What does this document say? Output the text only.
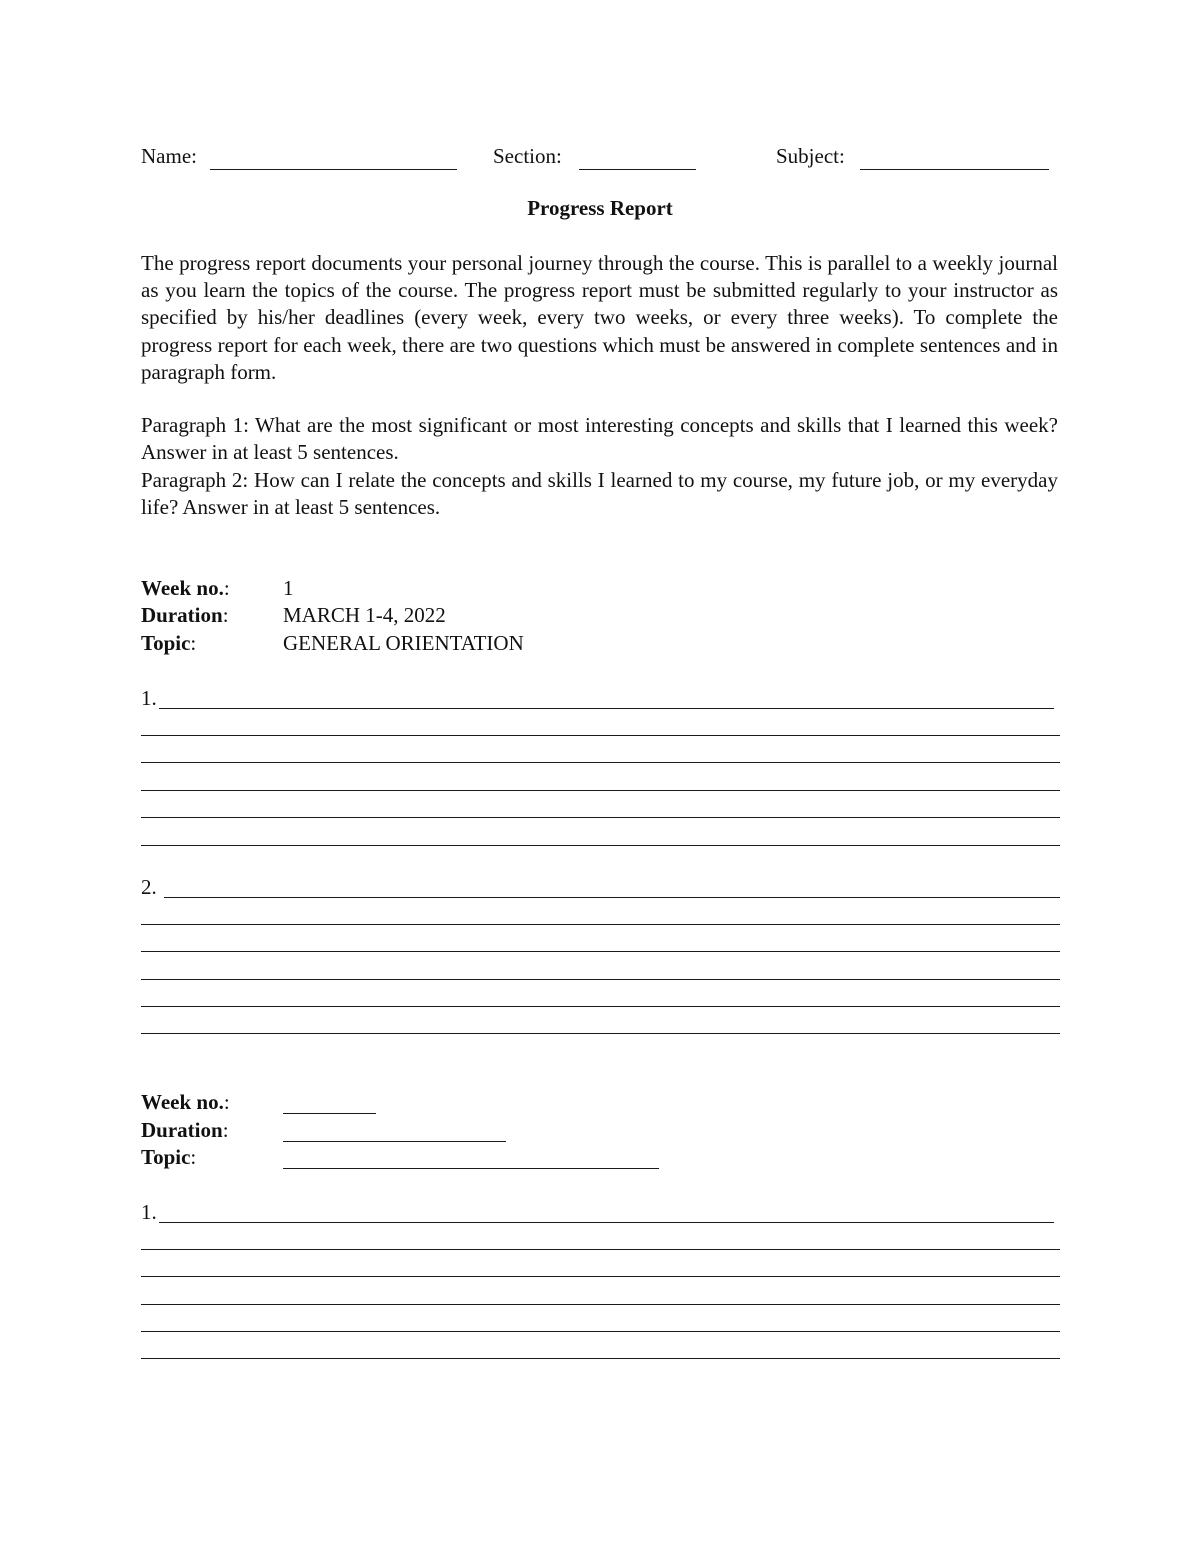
Name:	Section:	Subject:
Progress Report

The progress report documents your personal journey through the course. This is parallel to a weekly journal as you learn the topics of the course. The progress report must be submitted regularly to your instructor as specified by his/her deadlines (every week, every two weeks, or every three weeks). To complete the progress report for each week, there are two questions which must be answered in complete sentences and in paragraph form.

Paragraph 1: What are the most significant or most interesting concepts and skills that I learned this week? Answer in at least 5 sentences.

Paragraph 2: How can I relate the concepts and skills I learned to my course, my future job, or my everyday life? Answer in at least 5 sentences.

Week no.:	1
Duration:	MARCH 1-4, 2022
Topic:	GENERAL ORIENTATION
1.
2.
Week no.:
Duration:
Topic:
1.
